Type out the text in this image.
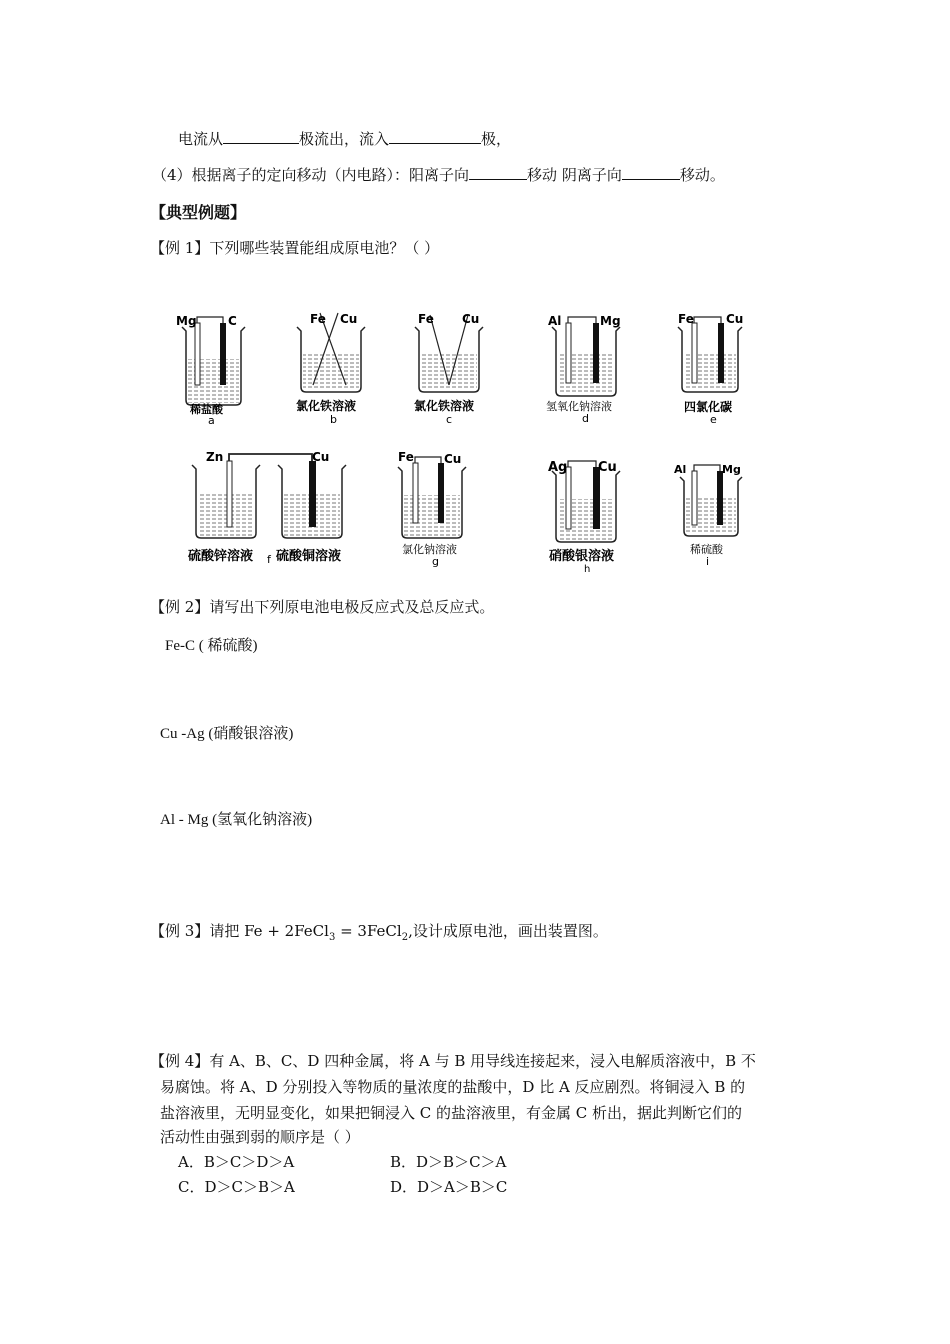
电流从	极流出，流入	极，
（4）根据离子的定向移动（内电路）：阳离子向	移动 阴离子向	移动。
【典型例题】
【例 1】下列哪些装置能组成原电池？（ ）
Mg	C
稀盐酸
a
Fe Cu
氯化铁溶液
b
Fe Cu
氯化铁溶液
c
Al	Mg
氢氧化钠溶液
d
Fe	Cu
四氯化碳
e
Zn	Cu
硫酸锌溶液 f 硫酸铜溶液
Fe	Cu
氯化钠溶液
g
Ag Cu
硝酸银溶液
h
Al	Mg
稀硫酸
i
【例 2】请写出下列原电池电极反应式及总反应式。
Fe-C ( 稀硫酸)
Cu -Ag (硝酸银溶液)
Al - Mg (氢氧化钠溶液)
【例 3】请把 Fe + 2FeCl$_3$ = 3FeCl$_2$,设计成原电池，画出装置图。
【例 4】有 A、B、C、D 四种金属，将 A 与 B 用导线连接起来，浸入电解质溶液中，B 不
易腐蚀。将 A、D 分别投入等物质的量浓度的盐酸中，D 比 A 反应剧烈。将铜浸入 B 的
盐溶液里，无明显变化，如果把铜浸入 C 的盐溶液里，有金属 C 析出，据此判断它们的
活动性由强到弱的顺序是（ ）
A．B＞C＞D＞A	B．D＞B＞C＞A
C．D＞C＞B＞A	D．D＞A＞B＞C
